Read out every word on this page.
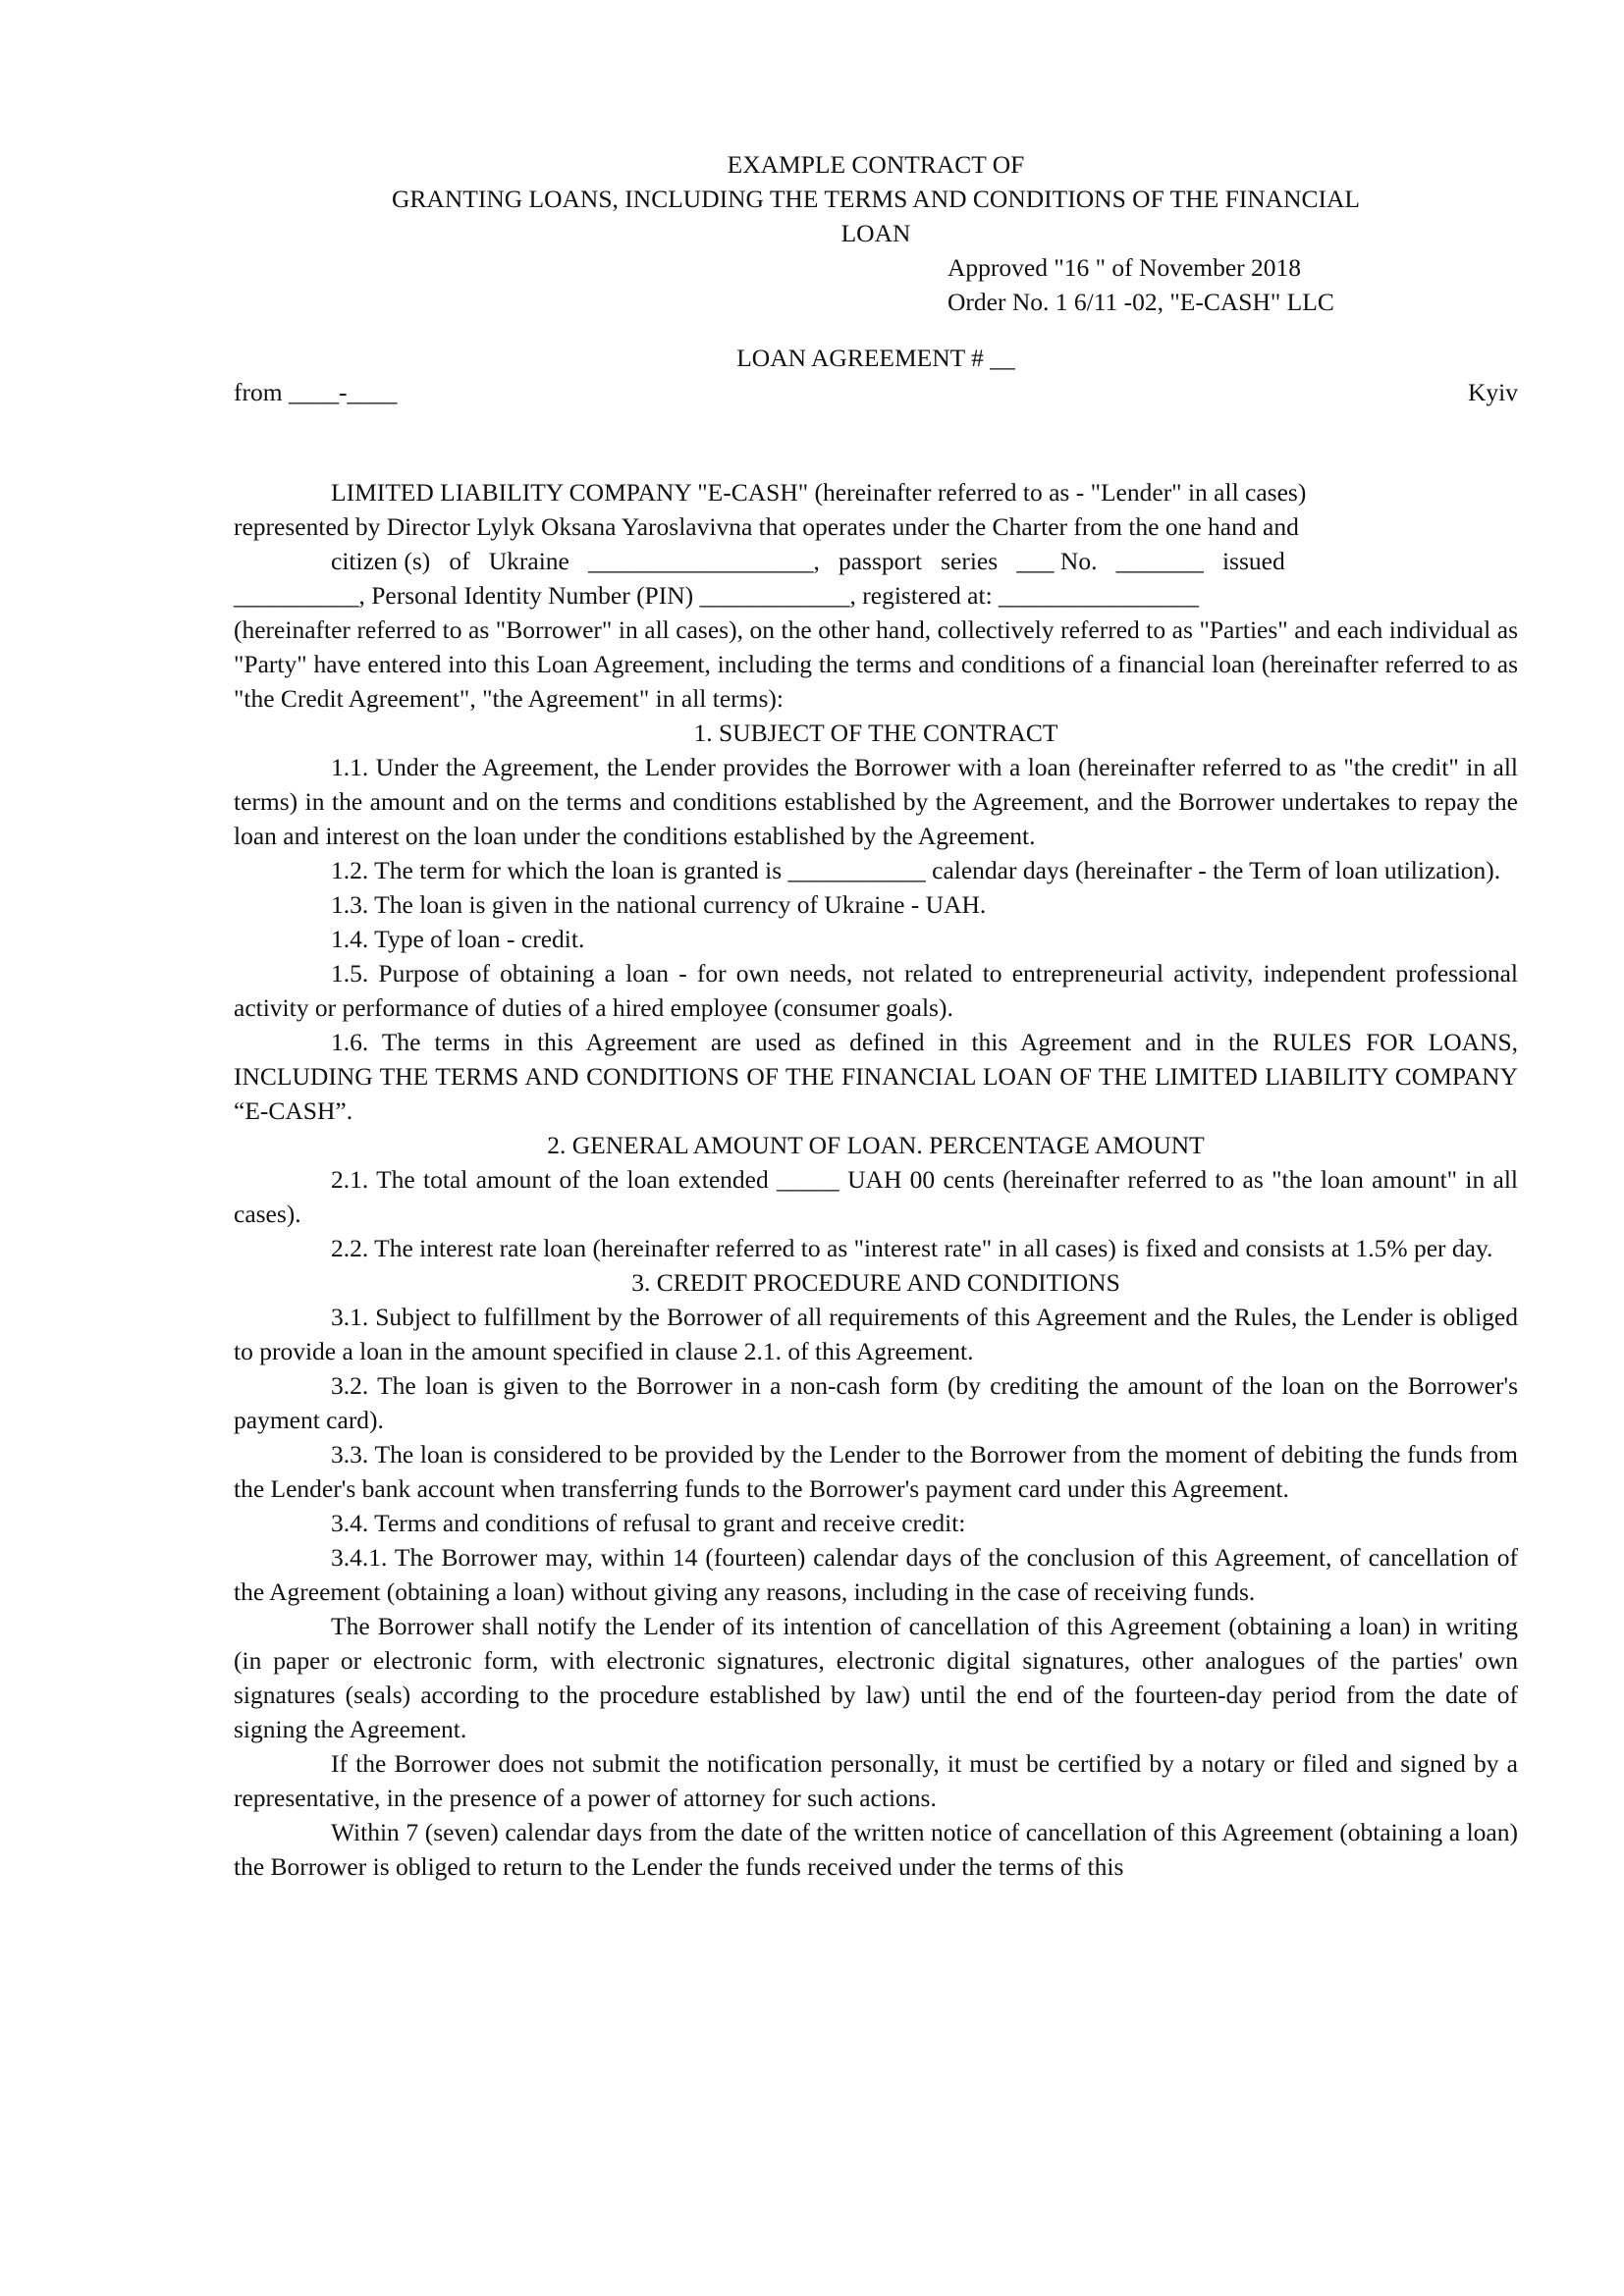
EXAMPLE CONTRACT OF
GRANTING LOANS, INCLUDING THE TERMS AND CONDITIONS OF THE FINANCIAL
LOAN
Approved "16 " of November 2018
Order No. 1 6/11 -02, "E-CASH" LLC
LOAN AGREEMENT # __
from ____-____	Kyiv

LIMITED LIABILITY COMPANY "E-CASH" (hereinafter referred to as - "Lender" in all cases)

represented by Director Lylyk Oksana Yaroslavivna that operates under the Charter from the one hand and

citizen (s)   of   Ukraine   __________________,   passport   series   ___ No.   _______   issued

__________, Personal Identity Number (PIN) ____________, registered at: ________________

(hereinafter referred to as "Borrower" in all cases), on the other hand, collectively referred to as "Parties" and each individual as "Party" have entered into this Loan Agreement, including the terms and conditions of a financial loan (hereinafter referred to as "the Credit Agreement", "the Agreement" in all terms):

1. SUBJECT OF THE CONTRACT

1.1. Under the Agreement, the Lender provides the Borrower with a loan (hereinafter referred to as "the credit" in all terms) in the amount and on the terms and conditions established by the Agreement, and the Borrower undertakes to repay the loan and interest on the loan under the conditions established by the Agreement.

1.2. The term for which the loan is granted is ___________ calendar days (hereinafter - the Term of loan utilization).

1.3. The loan is given in the national currency of Ukraine - UAH.

1.4. Type of loan - credit.

1.5. Purpose of obtaining a loan - for own needs, not related to entrepreneurial activity, independent professional activity or performance of duties of a hired employee (consumer goals).

1.6. The terms in this Agreement are used as defined in this Agreement and in the RULES FOR LOANS, INCLUDING THE TERMS AND CONDITIONS OF THE FINANCIAL LOAN OF THE LIMITED LIABILITY COMPANY “E-CASH”.

2. GENERAL AMOUNT OF LOAN. PERCENTAGE AMOUNT

2.1. The total amount of the loan extended _____ UAH 00 cents (hereinafter referred to as "the loan amount" in all cases).

2.2. The interest rate loan (hereinafter referred to as "interest rate" in all cases) is fixed and consists at 1.5% per day.

3. CREDIT PROCEDURE AND CONDITIONS

3.1. Subject to fulfillment by the Borrower of all requirements of this Agreement and the Rules, the Lender is obliged to provide a loan in the amount specified in clause 2.1. of this Agreement.

3.2. The loan is given to the Borrower in a non-cash form (by crediting the amount of the loan on the Borrower's payment card).

3.3. The loan is considered to be provided by the Lender to the Borrower from the moment of debiting the funds from the Lender's bank account when transferring funds to the Borrower's payment card under this Agreement.

3.4. Terms and conditions of refusal to grant and receive credit:

3.4.1. The Borrower may, within 14 (fourteen) calendar days of the conclusion of this Agreement, of cancellation of the Agreement (obtaining a loan) without giving any reasons, including in the case of receiving funds.

The Borrower shall notify the Lender of its intention of cancellation of this Agreement (obtaining a loan) in writing (in paper or electronic form, with electronic signatures, electronic digital signatures, other analogues of the parties' own signatures (seals) according to the procedure established by law) until the end of the fourteen-day period from the date of signing the Agreement.

If the Borrower does not submit the notification personally, it must be certified by a notary or filed and signed by a representative, in the presence of a power of attorney for such actions.

Within 7 (seven) calendar days from the date of the written notice of cancellation of this Agreement (obtaining a loan) the Borrower is obliged to return to the Lender the funds received under the terms of this
